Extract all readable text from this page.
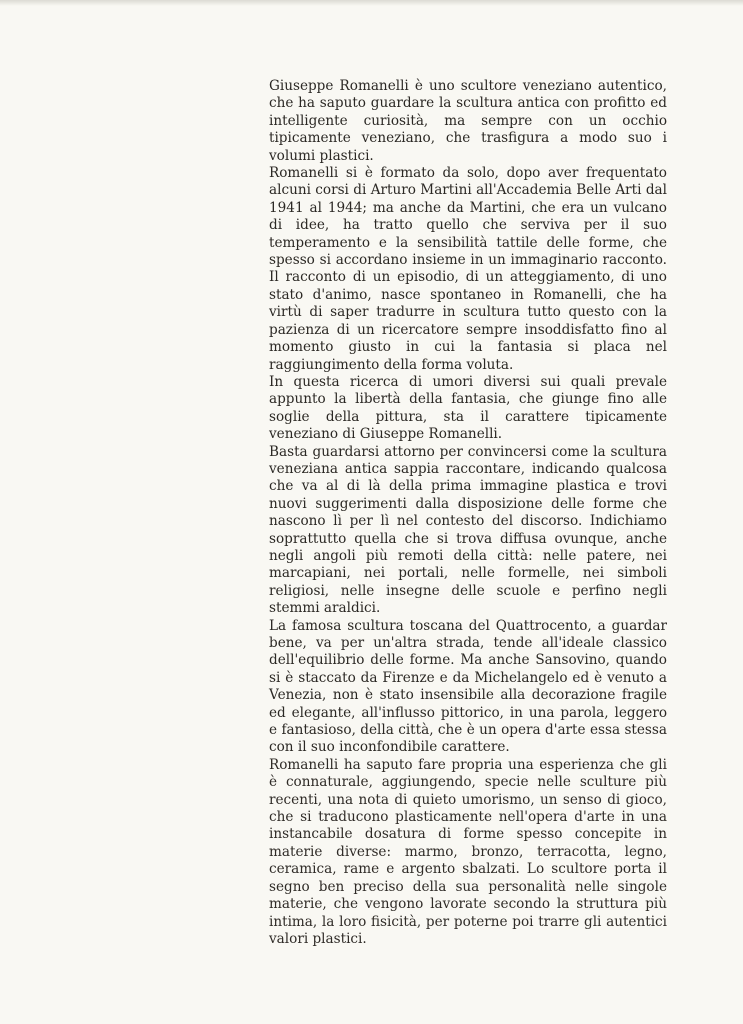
Giuseppe Romanelli è uno scultore veneziano autentico, che ha saputo guardare la scultura antica con profitto ed intelligente curiosità, ma sempre con un occhio tipicamente veneziano, che trasfigura a modo suo i volumi plastici.

Romanelli si è formato da solo, dopo aver frequentato alcuni corsi di Arturo Martini all'Accademia Belle Arti dal 1941 al 1944; ma anche da Martini, che era un vulcano di idee, ha tratto quello che serviva per il suo temperamento e la sensibilità tattile delle forme, che spesso si accordano insieme in un immaginario racconto. Il racconto di un episodio, di un atteggiamento, di uno stato d'animo, nasce spontaneo in Romanelli, che ha virtù di saper tradurre in scultura tutto questo con la pazienza di un ricercatore sempre insoddisfatto fino al momento giusto in cui la fantasia si placa nel raggiungimento della forma voluta.

In questa ricerca di umori diversi sui quali prevale appunto la libertà della fantasia, che giunge fino alle soglie della pittura, sta il carattere tipicamente veneziano di Giuseppe Romanelli.

Basta guardarsi attorno per convincersi come la scultura veneziana antica sappia raccontare, indicando qualcosa che va al di là della prima immagine plastica e trovi nuovi suggerimenti dalla disposizione delle forme che nascono lì per lì nel contesto del discorso. Indichiamo soprattutto quella che si trova diffusa ovunque, anche negli angoli più remoti della città: nelle patere, nei marcapiani, nei portali, nelle formelle, nei simboli religiosi, nelle insegne delle scuole e perfino negli stemmi araldici.

La famosa scultura toscana del Quattrocento, a guardar bene, va per un'altra strada, tende all'ideale classico dell'equilibrio delle forme. Ma anche Sansovino, quando si è staccato da Firenze e da Michelangelo ed è venuto a Venezia, non è stato insensibile alla decorazione fragile ed elegante, all'influsso pittorico, in una parola, leggero e fantasioso, della città, che è un opera d'arte essa stessa con il suo inconfondibile carattere.

Romanelli ha saputo fare propria una esperienza che gli è connaturale, aggiungendo, specie nelle sculture più recenti, una nota di quieto umorismo, un senso di gioco, che si traducono plasticamente nell'opera d'arte in una instancabile dosatura di forme spesso concepite in materie diverse: marmo, bronzo, terracotta, legno, ceramica, rame e argento sbalzati. Lo scultore porta il segno ben preciso della sua personalità nelle singole materie, che vengono lavorate secondo la struttura più intima, la loro fisicità, per poterne poi trarre gli autentici valori plastici.
